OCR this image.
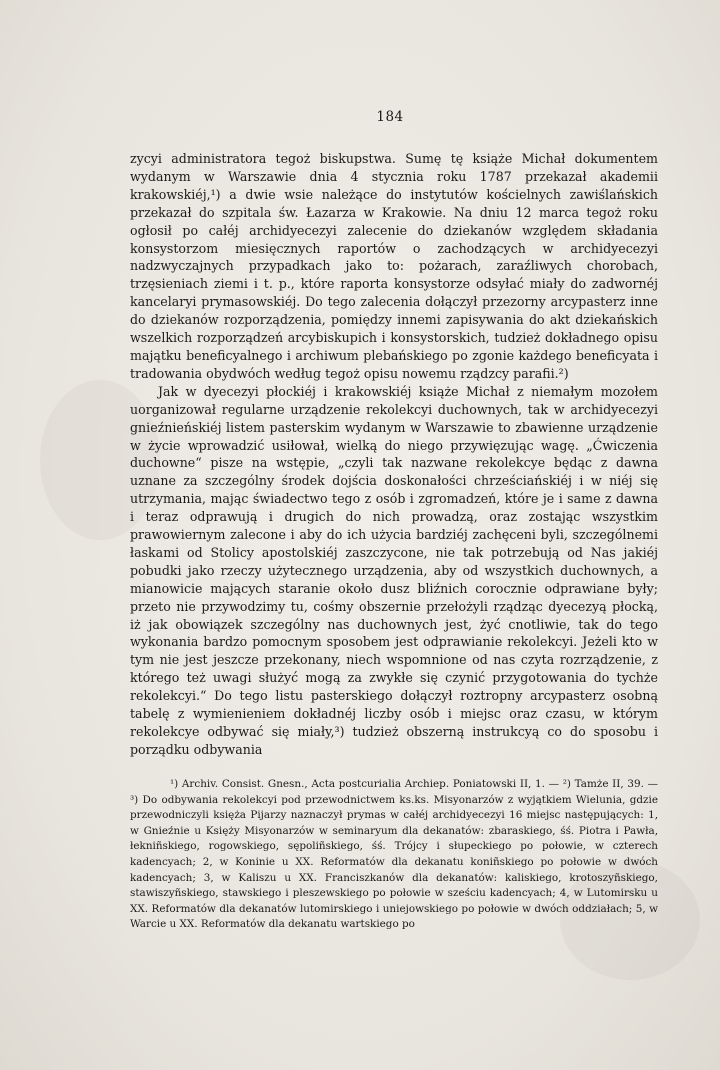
184

zycyi administratora tegoż biskupstwa. Sumę tę książe Michał dokumentem wydanym w Warszawie dnia 4 stycznia roku 1787 przekazał akademii krakowskiéj,¹) a dwie wsie należące do instytutów kościelnych zawiślańskich przekazał do szpitala św. Łazarza w Krakowie. Na dniu 12 marca tegoż roku ogłosił po całéj archidyecezyi zalecenie do dziekanów względem składania konsystorzom miesięcznych raportów o zachodzących w archidyecezyi nadzwyczajnych przypadkach jako to: pożarach, zaraźliwych chorobach, trzęsieniach ziemi i t. p., które raporta konsystorze odsyłać miały do zadwornéj kancelaryi prymasowskiéj. Do tego zalecenia dołączył przezorny arcypasterz inne do dziekanów rozporządzenia, pomiędzy innemi zapisywania do akt dziekańskich wszelkich rozporządzeń arcybiskupich i konsystorskich, tudzież dokładnego opisu majątku beneficyalnego i archiwum plebańskiego po zgonie każdego beneficyata i tradowania obydwóch według tegoż opisu nowemu rządzcy parafii.²)

Jak w dyecezyi płockiéj i krakowskiéj książe Michał z niemałym mozołem uorganizował regularne urządzenie rekolekcyi duchownych, tak w archidyecezyi gnieźnieńskiéj listem pasterskim wydanym w Warszawie to zbawienne urządzenie w życie wprowadzić usiłował, wielką do niego przywięzując wagę. „Ćwiczenia duchowne“ pisze na wstępie, „czyli tak nazwane rekolekcye będąc z dawna uznane za szczególny środek dojścia doskonałości chrześciańskiéj i w niéj się utrzymania, mając świadectwo tego z osób i zgromadzeń, które je i same z dawna i teraz odprawują i drugich do nich prowadzą, oraz zostając wszystkim prawowiernym zalecone i aby do ich użycia bardziéj zachęceni byli, szczególnemi łaskami od Stolicy apostolskiéj zaszczycone, nie tak potrzebują od Nas jakiéj pobudki jako rzeczy użytecznego urządzenia, aby od wszystkich duchownych, a mianowicie mających staranie około dusz bliźnich corocznie odprawiane były; przeto nie przywodzimy tu, cośmy obszernie przełożyli rządząc dyecezyą płocką, iż jak obowiązek szczególny nas duchownych jest, żyć cnotliwie, tak do tego wykonania bardzo pomocnym sposobem jest odprawianie rekolekcyi. Jeżeli kto w tym nie jest jeszcze przekonany, niech wspomnione od nas czyta rozrządzenie, z którego też uwagi służyć mogą za zwykłe się czynić przygotowania do tychże rekolekcyi.“ Do tego listu pasterskiego dołączył roztropny arcypasterz osobną tabelę z wymienieniem dokładnéj liczby osób i miejsc oraz czasu, w którym rekolekcye odbywać się miały,³) tudzież obszerną instrukcyą co do sposobu i porządku odbywania

¹) Archiv. Consist. Gnesn., Acta postcurialia Archiep. Poniatowski II, 1. — ²) Tamże II, 39. — ³) Do odbywania rekolekcyi pod przewodnictwem ks.ks. Misyonarzów z wyjątkiem Wielunia, gdzie przewodniczyli księża Pijarzy naznaczył prymas w całéj archidyecezyi 16 miejsc następujących: 1, w Gnieźnie u Księży Misyonarzów w seminaryum dla dekanatów: zbaraskiego, śś. Piotra i Pawła, łekniñskiego, rogowskiego, sępoliñskiego, śś. Trójcy i słupeckiego po połowie, w czterech kadencyach; 2, w Koninie u XX. Reformatów dla dekanatu koniñskiego po połowie w dwóch kadencyach; 3, w Kaliszu u XX. Franciszkanów dla dekanatów: kaliskiego, krotoszyñskiego, stawiszyñskiego, stawskiego i pleszewskiego po połowie w sześciu kadencyach; 4, w Lutomirsku u XX. Reformatów dla dekanatów lutomirskiego i uniejowskiego po połowie w dwóch oddziałach; 5, w Warcie u XX. Reformatów dla dekanatu wartskiego po
